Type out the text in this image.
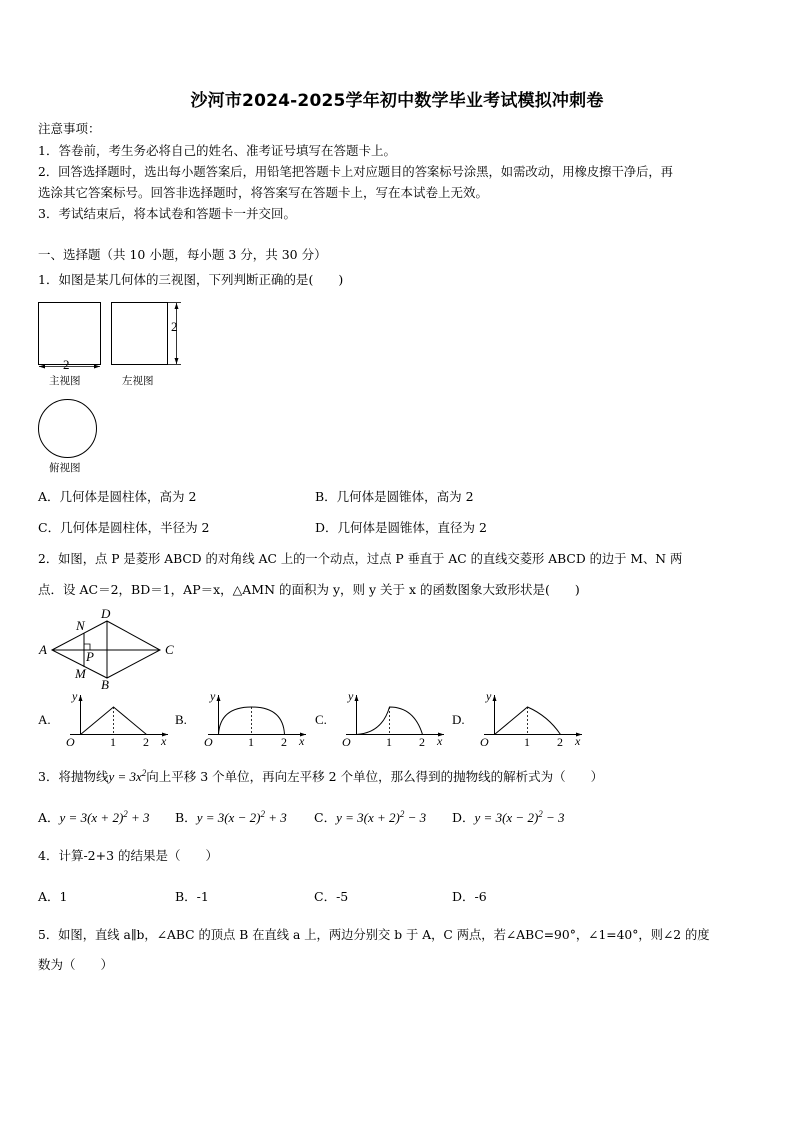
沙河市2024-2025学年初中数学毕业考试模拟冲刺卷
注意事项：
1．答卷前，考生务必将自己的姓名、准考证号填写在答题卡上。
2．回答选择题时，选出每小题答案后，用铅笔把答题卡上对应题目的答案标号涂黑，如需改动，用橡皮擦干净后，再
选涂其它答案标号。回答非选择题时，将答案写在答题卡上，写在本试卷上无效。
3．考试结束后，将本试卷和答题卡一并交回。
一、选择题（共 10 小题，每小题 3 分，共 30 分）
1．如图是某几何体的三视图，下列判断正确的是(　　)
2
2
主视图	左视图
俯视图
A．几何体是圆柱体，高为 2	B．几何体是圆锥体，高为 2
C．几何体是圆柱体，半径为 2	D．几何体是圆锥体，直径为 2
2．如图，点 P 是菱形 ABCD 的对角线 AC 上的一个动点，过点 P 垂直于 AC 的直线交菱形 ABCD 的边于 M、N 两
点．设 AC＝2，BD＝1，AP＝x，△AMN 的面积为 y，则 y 关于 x 的函数图象大致形状是(　　)
A
D
C
B
N
P
M
A.
y
x
O	1 2
B.
y
x
O	1 2
C.
y
x
O	1 2
D.
y
x
O	1 2
3．将抛物线$y = 3x^2$向上平移 3 个单位，再向左平移 2 个单位，那么得到的抛物线的解析式为（　　）
A．$y = 3(x + 2)^2 + 3$ B．$y = 3(x - 2)^2 + 3$ C．$y = 3(x + 2)^2 - 3$ D．$y = 3(x - 2)^2 - 3$
4．计算-2+3 的结果是（　　）
A．1	B．-1	C．-5	D．-6
5．如图，直线 a∥b，∠ABC 的顶点 B 在直线 a 上，两边分别交 b 于 A，C 两点，若∠ABC=90°，∠1=40°，则∠2 的度
数为（　　）
